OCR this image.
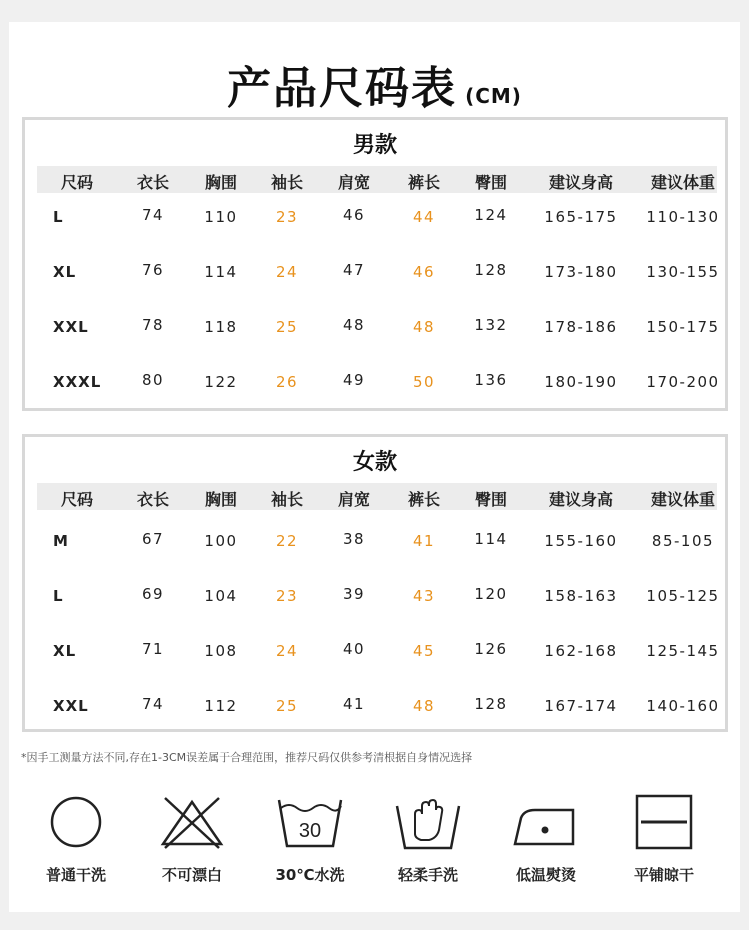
产品尺码表 (CM)
男款
尺码	衣长 胸围 袖长 肩宽 裤长 臀围	建议身高 建议体重
L	74	110	23	46	44	124 165-175 110-130
XL	76	114	24	47	46	128 173-180 130-155
XXL	78	118	25	48	48	132 178-186 150-175
XXXL	80	122	26	49	50	136 180-190 170-200
女款
尺码	衣长 胸围 袖长 肩宽 裤长 臀围	建议身高 建议体重
M	67	100	22	38	41	114 155-160 85-105
L	69	104	23	39	43	120 158-163 105-125
XL	71	108	24	40	45	126 162-168 125-145
XXL	74	112	25	41	48	128 167-174 140-160
*因手工测量方法不同,存在1-3CM误差属于合理范围，推荐尺码仅供参考清根据自身情况选择
普通干洗	不可漂白
30
30℃水洗	轻柔手洗	低温熨烫	平铺晾干
